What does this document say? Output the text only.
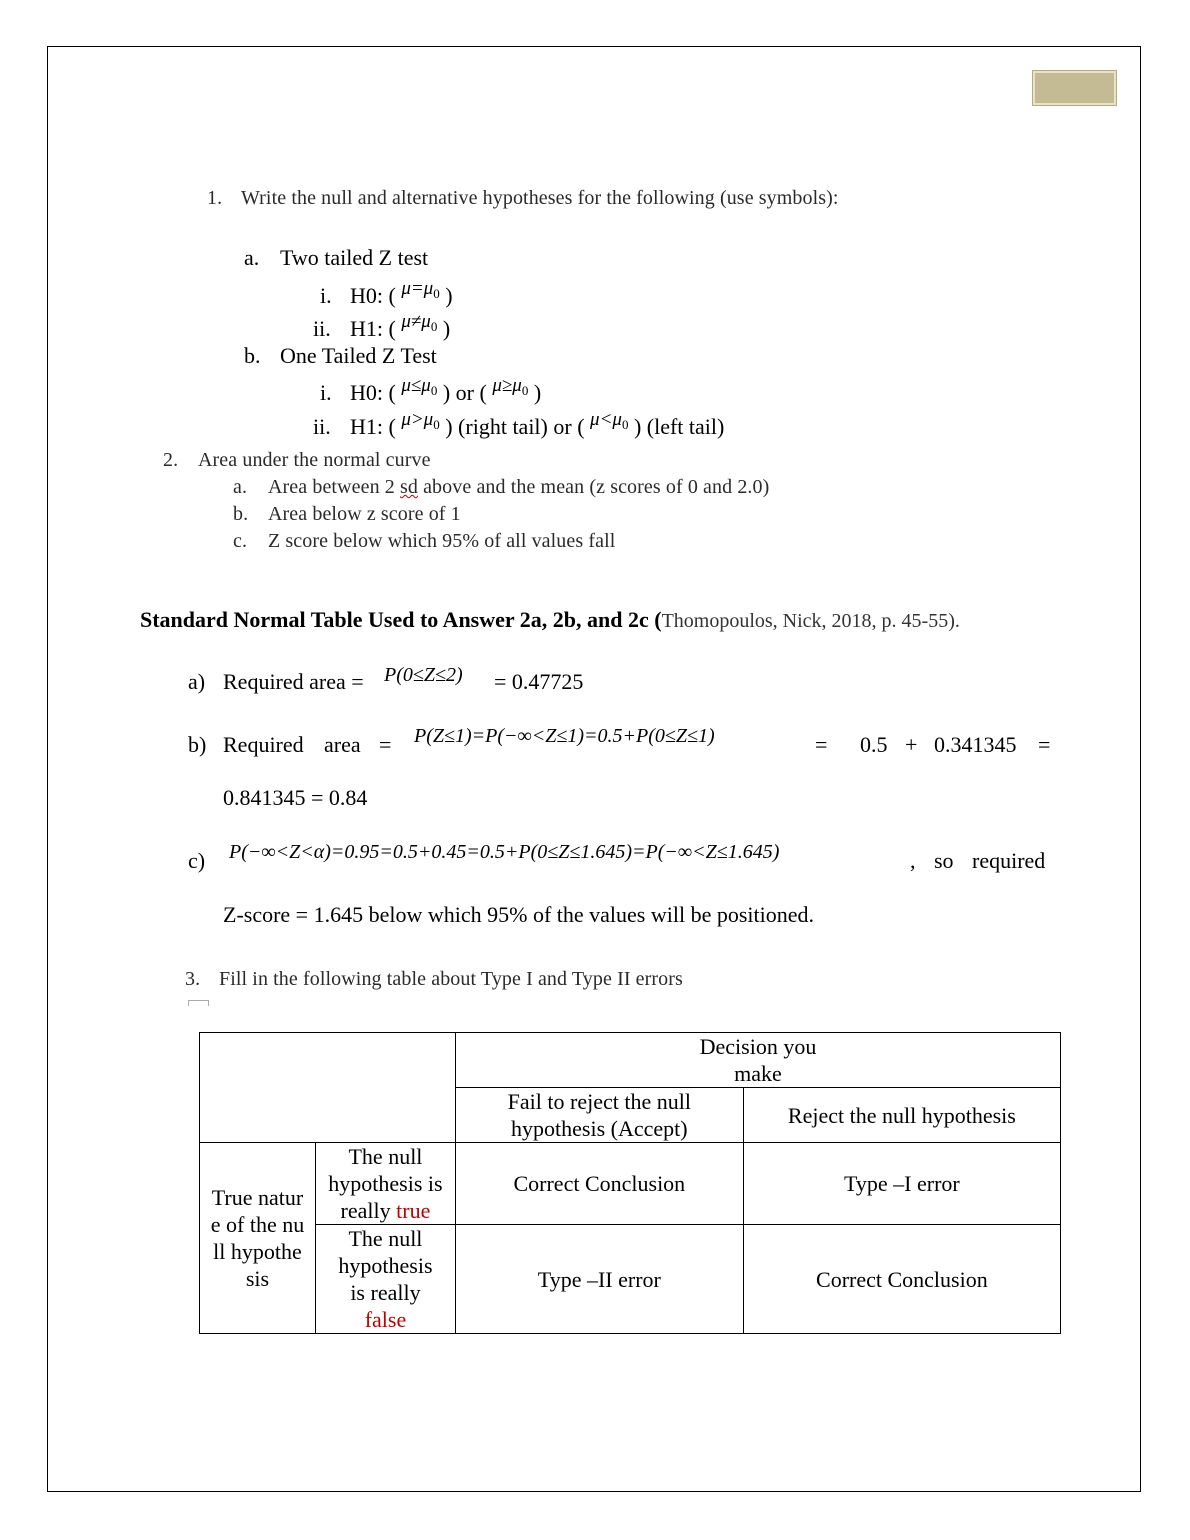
1. Write the null and alternative hypotheses for the following (use symbols):
a. Two tailed Z test
i. H0: ( $\mu=\mu_0$ )
ii. H1: ( $\mu\ne\mu_0$ )
b. One Tailed Z Test
i. H0: ( $\mu\le\mu_0$ ) or ( $\mu\ge\mu_0$ )
ii. H1: ( $\mu>\mu_0$ ) (right tail) or ( $\mu<\mu_0$ ) (left tail)
2. Area under the normal curve
a. Area between 2 sd above and the mean (z scores of 0 and 2.0)
b. Area below z score of 1
c. Z score below which 95% of all values fall
Standard Normal Table Used to Answer 2a, 2b, and 2c (Thomopoulos, Nick, 2018, p. 45-55).
a) Required area = P(0≤Z≤2) = 0.47725
b) Required area = P(Z≤1)=P(−∞<Z≤1)=0.5+P(0≤Z≤1)	= 0.5 + 0.341345 =
0.841345 = 0.84
c) P(−∞<Z<α)=0.95=0.5+0.45=0.5+P(0≤Z≤1.645)=P(−∞<Z≤1.645)	, so required
Z-score = 1.645 below which 95% of the values will be positioned.
3. Fill in the following table about Type I and Type II errors

		Decision you make	

		Fail to reject the null hypothesis (Accept)	Reject the null hypothesis

True nature of the null hypothesis	The null hypothesis is really true	Correct Conclusion	Type –I error

	The null hypothesis is really false	Type –II error	Correct Conclusion
